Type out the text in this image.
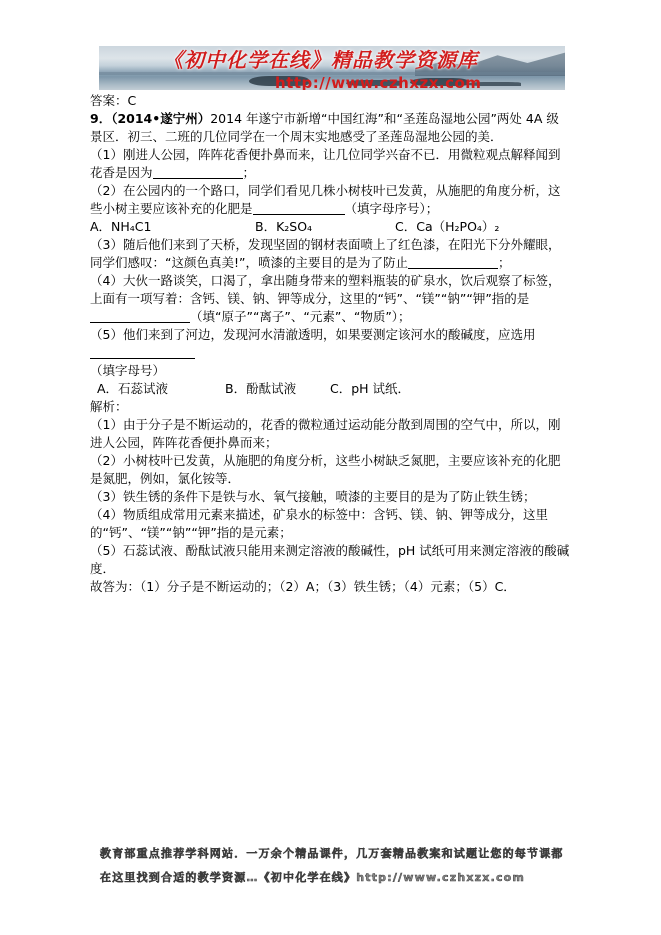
《初中化学在线》精品教学资源库
http://www.czhxzx.com

答案：C

9．（2014•遂宁州）2014 年遂宁市新增“中国红海”和“圣莲岛湿地公园”两处 4A 级景区．初三、二班的几位同学在一个周末实地感受了圣莲岛湿地公园的美．

（1）刚进人公园，阵阵花香便扑鼻而来，让几位同学兴奋不已．用微粒观点解释闻到花香是因为	；

（2）在公园内的一个路口，同学们看见几株小树枝叶已发黄，从施肥的角度分析，这些小树主要应该补充的化肥是	（填字母序号）；

A．NH₄C1	B．K₂SO₄	C．Ca（H₂PO₄）₂

（3）随后他们来到了天桥，发现坚固的钢材表面喷上了红色漆，在阳光下分外耀眼，同学们感叹：“这颜色真美!”，喷漆的主要目的是为了防止	；

（4）大伙一路谈笑，口渴了，拿出随身带来的塑料瓶装的矿泉水，饮后观察了标签，上面有一项写着：含钙、镁、钠、钾等成分，这里的“钙”、“镁”“钠”“钾”指的是（填“原子”“离子”、“元素”、“物质”）；

（5）他们来到了河边，发现河水清澈透明，如果要测定该河水的酸碱度，应选用
（填字母号）

A．石蕊试液	B．酚酞试液	C．pH 试纸．

解析：

（1）由于分子是不断运动的，花香的微粒通过运动能分散到周围的空气中，所以，刚进人公园，阵阵花香便扑鼻而来；

（2）小树枝叶已发黄，从施肥的角度分析，这些小树缺乏氮肥，主要应该补充的化肥是氮肥，例如，氯化铵等．

（3）铁生锈的条件下是铁与水、氧气接触，喷漆的主要目的是为了防止铁生锈；

（4）物质组成常用元素来描述，矿泉水的标签中：含钙、镁、钠、钾等成分，这里的“钙”、“镁”“钠”“钾”指的是元素；

（5）石蕊试液、酚酞试液只能用来测定溶液的酸碱性，pH 试纸可用来测定溶液的酸碱度．

故答为：（1）分子是不断运动的；（2）A；（3）铁生锈；（4）元素；（5）C．

教育部重点推荐学科网站．一万余个精品课件，几万套精品教案和试题让您的每节课都在这里找到合适的教学资源…《初中化学在线》http://www.czhxzx.com
